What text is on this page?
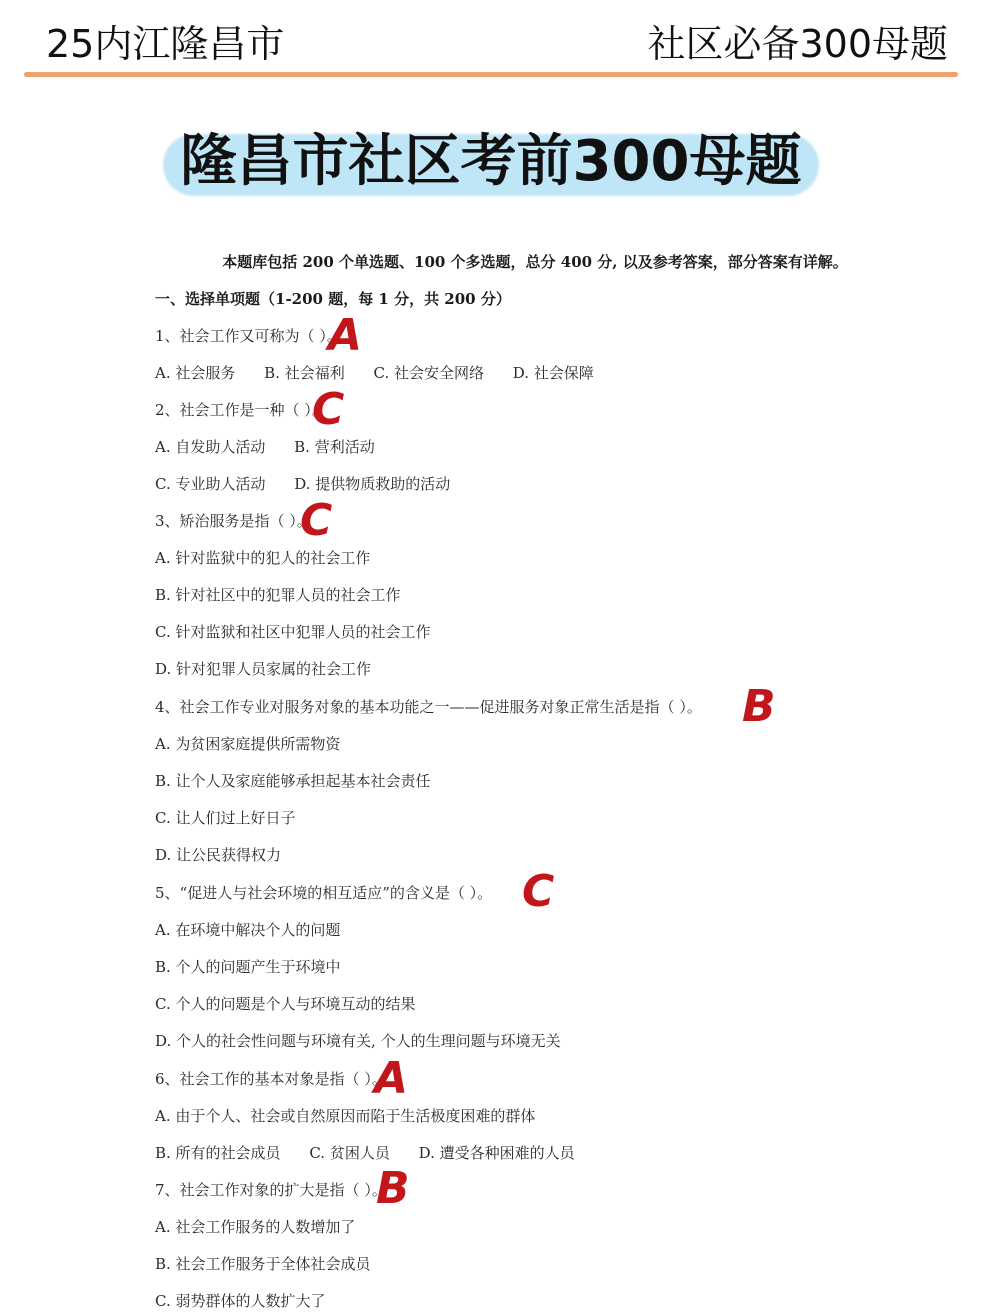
25内江隆昌市	社区必备300母题
隆昌市社区考前300母题
本题库包括 200 个单选题、100 个多选题，总分 400 分, 以及参考答案，部分答案有详解。
一、选择单项题（1-200 题，每 1 分，共 200 分）
1、社会工作又可称为（ ）。
A
A. 社会服务 B. 社会福利 C. 社会安全网络 D. 社会保障
2、社会工作是一种（ ）。
C
A. 自发助人活动 B. 营利活动
C. 专业助人活动 D. 提供物质救助的活动
3、矫治服务是指（ ）。
C
A. 针对监狱中的犯人的社会工作
B. 针对社区中的犯罪人员的社会工作
C. 针对监狱和社区中犯罪人员的社会工作
D. 针对犯罪人员家属的社会工作
4、社会工作专业对服务对象的基本功能之一——促进服务对象正常生活是指（ ）。 B
A. 为贫困家庭提供所需物资
B. 让个人及家庭能够承担起基本社会责任
C. 让人们过上好日子
D. 让公民获得权力
5、“促进人与社会环境的相互适应”的含义是（ ）。 C
A. 在环境中解决个人的问题
B. 个人的问题产生于环境中
C. 个人的问题是个人与环境互动的结果
D. 个人的社会性问题与环境有关, 个人的生理问题与环境无关
6、社会工作的基本对象是指（ ）。
A
A. 由于个人、社会或自然原因而陷于生活极度困难的群体
B. 所有的社会成员 C. 贫困人员 D. 遭受各种困难的人员
7、社会工作对象的扩大是指（ ）。
B
A. 社会工作服务的人数增加了
B. 社会工作服务于全体社会成员
C. 弱势群体的人数扩大了
